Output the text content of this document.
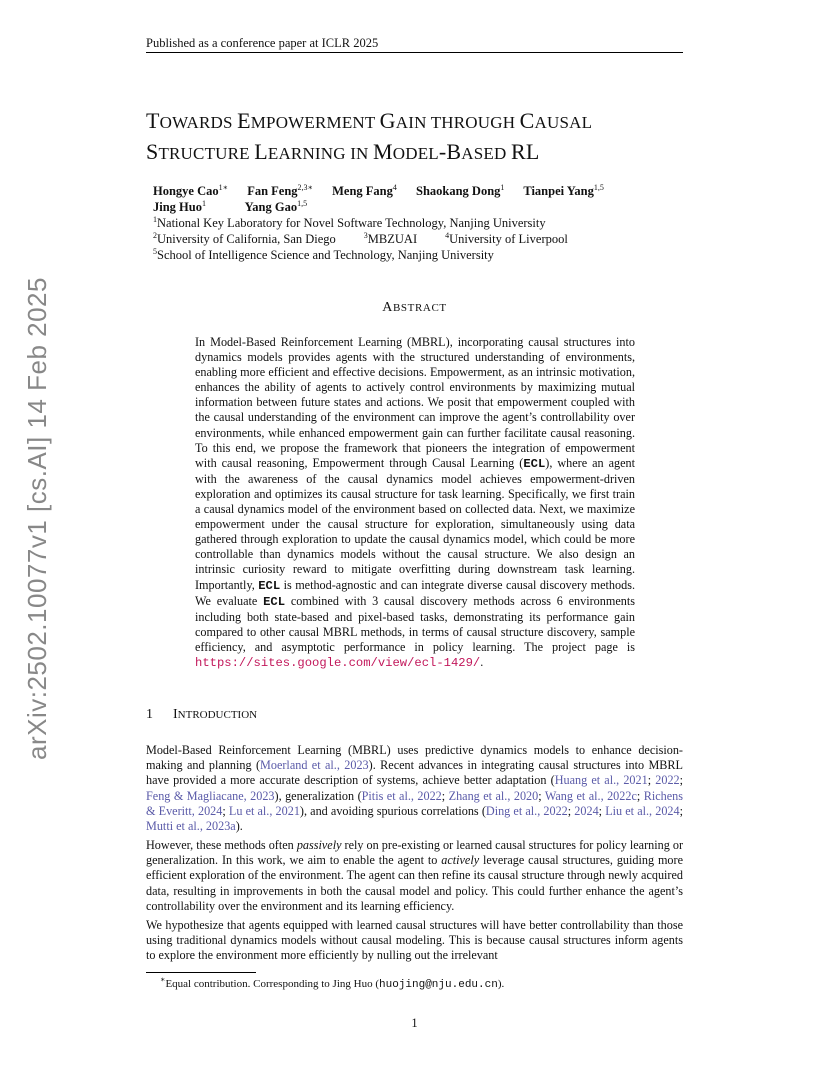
Published as a conference paper at ICLR 2025
TOWARDS EMPOWERMENT GAIN THROUGH CAUSAL
STRUCTURE LEARNING IN MODEL-BASED RL
Hongye Cao$^{1∗}$ Fan Feng$^{2,3∗}$ Meng Fang$^4$ Shaokang Dong$^1$ Tianpei Yang$^{1,5}$
Jing Huo$^1$	Yang Gao$^{1,5}$
$^1$National Key Laboratory for Novel Software Technology, Nanjing University
$^2$University of California, San Diego	$^3$MBZUAI	$^4$University of Liverpool
$^5$School of Intelligence Science and Technology, Nanjing University
ABSTRACT
In Model-Based Reinforcement Learning (MBRL), incorporating causal structures into dynamics models provides agents with the structured understanding of environments, enabling more efficient and effective decisions. Empowerment, as an intrinsic motivation, enhances the ability of agents to actively control environments by maximizing mutual information between future states and actions. We posit that empowerment coupled with the causal understanding of the environment can improve the agent’s controllability over environments, while enhanced empowerment gain can further facilitate causal reasoning. To this end, we propose the framework that pioneers the integration of empowerment with causal reasoning, Empowerment through Causal Learning (ECL), where an agent with the awareness of the causal dynamics model achieves empowerment-driven exploration and optimizes its causal structure for task learning. Specifically, we first train a causal dynamics model of the environment based on collected data. Next, we maximize empowerment under the causal structure for exploration, simultaneously using data gathered through exploration to update the causal dynamics model, which could be more controllable than dynamics models without the causal structure. We also design an intrinsic curiosity reward to mitigate overfitting during downstream task learning. Importantly, ECL is method-agnostic and can integrate diverse causal discovery methods. We evaluate ECL combined with 3 causal discovery methods across 6 environments including both state-based and pixel-based tasks, demonstrating its performance gain compared to other causal MBRL methods, in terms of causal structure discovery, sample efficiency, and asymptotic performance in policy learning. The project page is https://sites.google.com/view/ecl-1429/.
1 INTRODUCTION
Model-Based Reinforcement Learning (MBRL) uses predictive dynamics models to enhance decision-making and planning (Moerland et al., 2023). Recent advances in integrating causal structures into MBRL have provided a more accurate description of systems, achieve better adaptation (Huang et al., 2021; 2022; Feng & Magliacane, 2023), generalization (Pitis et al., 2022; Zhang et al., 2020; Wang et al., 2022c; Richens & Everitt, 2024; Lu et al., 2021), and avoiding spurious correlations (Ding et al., 2022; 2024; Liu et al., 2024; Mutti et al., 2023a).
However, these methods often passively rely on pre-existing or learned causal structures for policy learning or generalization. In this work, we aim to enable the agent to actively leverage causal structures, guiding more efficient exploration of the environment. The agent can then refine its causal structure through newly acquired data, resulting in improvements in both the causal model and policy. This could further enhance the agent’s controllability over the environment and its learning efficiency.
We hypothesize that agents equipped with learned causal structures will have better controllability than those using traditional dynamics models without causal modeling. This is because causal structures inform agents to explore the environment more efficiently by nulling out the irrelevant
∗Equal contribution. Corresponding to Jing Huo (huojing@nju.edu.cn).
1
arXiv:2502.10077v1 [cs.AI] 14 Feb 2025
